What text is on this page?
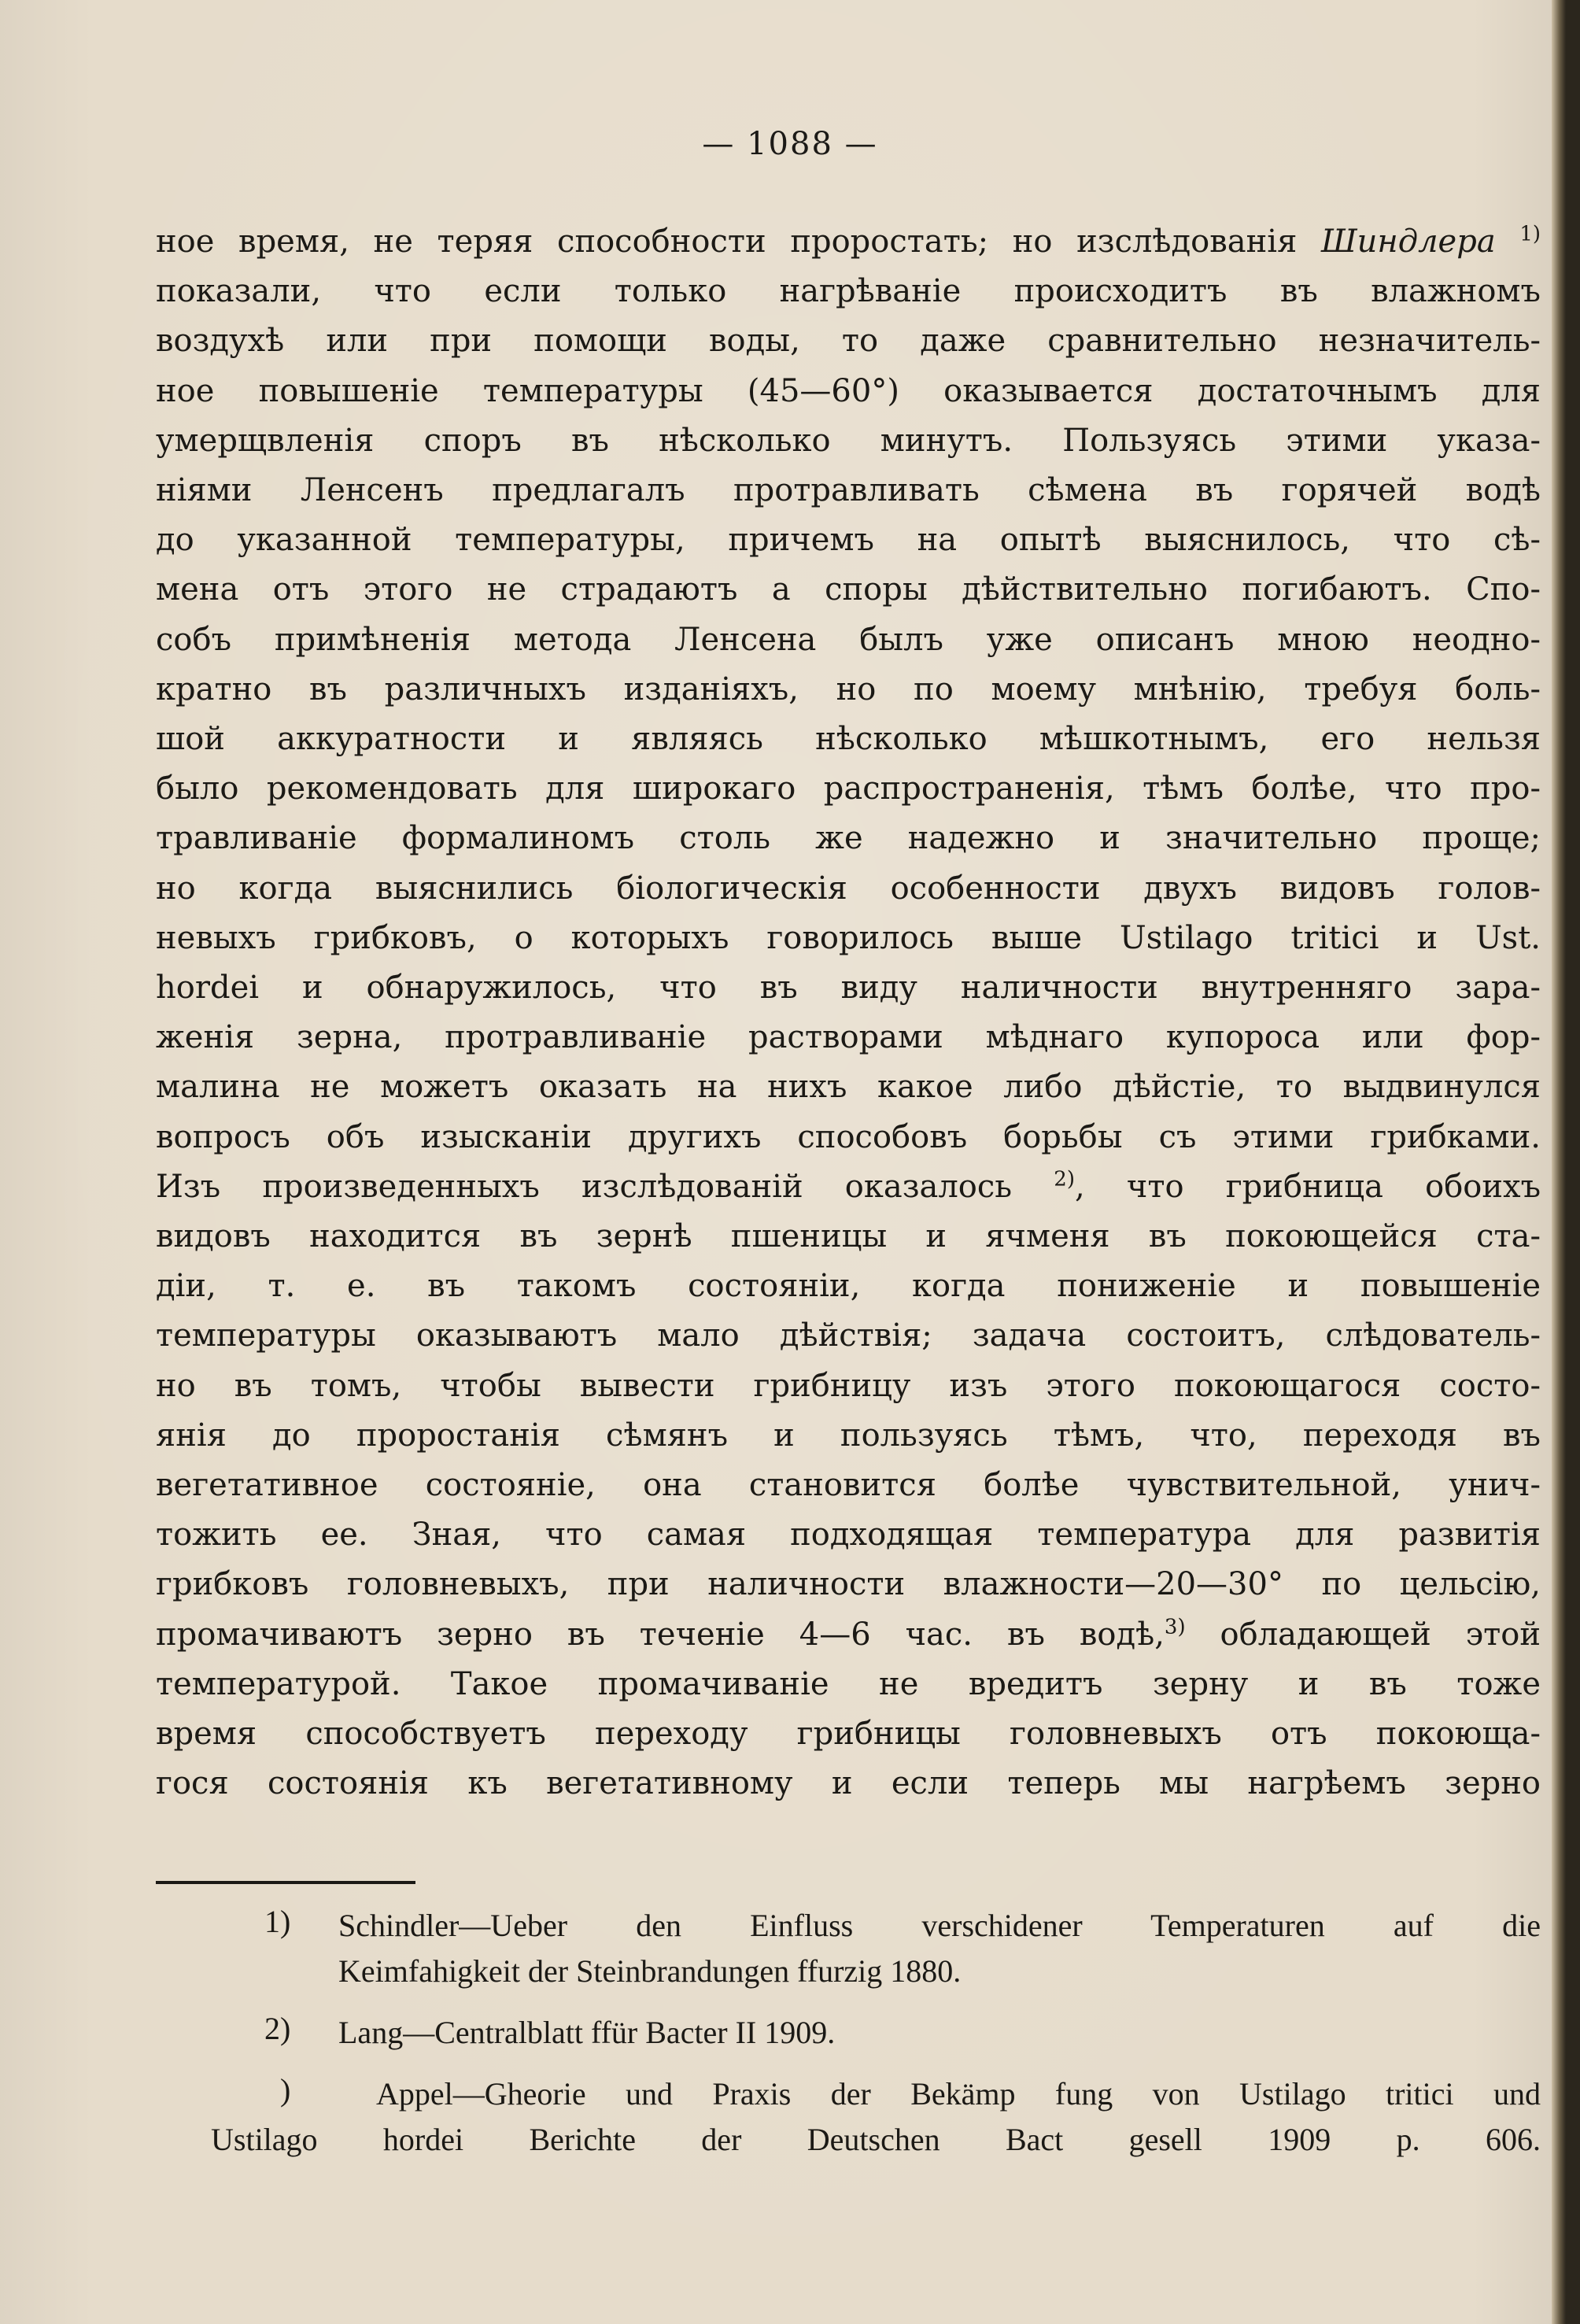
— 1088 —
ное время, не теряя способности проростать; но изслѣдованія Шиндлера $^{1)}$
показали, что если только нагрѣваніе происходитъ въ влажномъ
воздухѣ или при помощи воды, то даже сравнительно незначитель-
ное повышеніе температуры (45—60°) оказывается достаточнымъ для
умерщвленія споръ въ нѣсколько минутъ. Пользуясь этими указа-
ніями Ленсенъ предлагалъ протравливать сѣмена въ горячей водѣ
до указанной температуры, причемъ на опытѣ выяснилось, что сѣ-
мена отъ этого не страдаютъ а споры дѣйствительно погибаютъ. Спо-
собъ примѣненія метода Ленсена былъ уже описанъ мною неодно-
кратно въ различныхъ изданіяхъ, но по моему мнѣнію, требуя боль-
шой аккуратности и являясь нѣсколько мѣшкотнымъ, его нельзя
было рекомендовать для широкаго распространенія, тѣмъ болѣе, что про-
травливаніе формалиномъ столь же надежно и значительно проще;
но когда выяснились біологическія особенности двухъ видовъ голов-
невыхъ грибковъ, о которыхъ говорилось выше Ustilago tritici и Ust.
hordei и обнаружилось, что въ виду наличности внутренняго зара-
женія зерна, протравливаніе растворами мѣднаго купороса или фор-
малина не можетъ оказать на нихъ какое либо дѣйстіе, то выдвинулся
вопросъ объ изысканіи другихъ способовъ борьбы съ этими грибками.
Изъ произведенныхъ изслѣдованій оказалось $^{2)}$, что грибница обоихъ
видовъ находится въ зернѣ пшеницы и ячменя въ покоющейся ста-
діи, т. е. въ такомъ состояніи, когда пониженіе и повышеніе
температуры оказываютъ мало дѣйствія; задача состоитъ, слѣдователь-
но въ томъ, чтобы вывести грибницу изъ этого покоющагося состо-
янія до проростанія сѣмянъ и пользуясь тѣмъ, что, переходя въ
вегетативное состояніе, она становится болѣе чувствительной, унич-
тожить ее. Зная, что самая подходящая температура для развитія
грибковъ головневыхъ, при наличности влажности—20—30° по цельсію,
промачиваютъ зерно въ теченіе 4—6 час. въ водѣ,$^{3)}$ обладающей этой
температурой. Такое промачиваніе не вредитъ зерну и въ тоже
время способствуетъ переходу грибницы головневыхъ отъ покоюща-
гося состоянія къ вегетативному и если теперь мы нагрѣемъ зерно
1)	Schindler—Ueber den Einfluss verschidener Temperaturen auf die
Keimfahigkeit der Steinbrandungen ffurzig 1880.
2)	Lang—Centralblatt ffür Bacter II 1909.
)	Appel—Gheorie und Praxis der Bekämp fung von Ustilago tritici und
Ustilago hordei Berichte der Deutschen Bact gesell 1909 p. 606.
